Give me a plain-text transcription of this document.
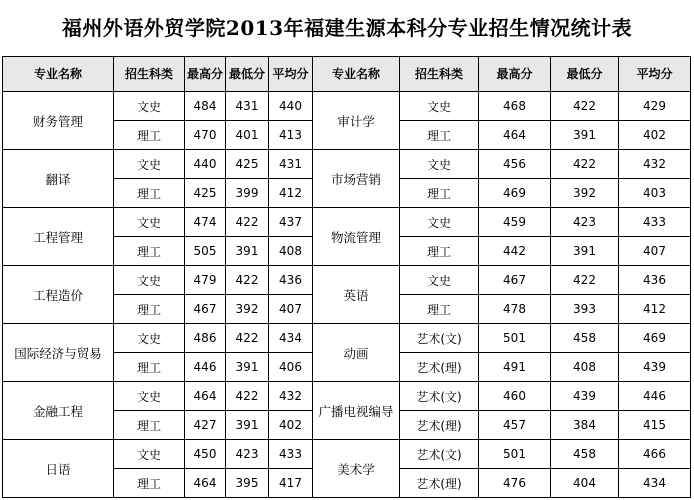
福州外语外贸学院2013年福建生源本科分专业招生情况统计表
专业名称	招生科类	最高分	最低分	平均分	专业名称	招生科类	最高分	最低分	平均分
财务管理	文史	484	431	440	审计学	文史	468	422	429
	理工	470	401	413		理工	464	391	402
翻译	文史	440	425	431	市场营销	文史	456	422	432
	理工	425	399	412		理工	469	392	403
工程管理	文史	474	422	437	物流管理	文史	459	423	433
	理工	505	391	408		理工	442	391	407
工程造价	文史	479	422	436	英语	文史	467	422	436
	理工	467	392	407		理工	478	393	412
国际经济与贸易	文史	486	422	434	动画	艺术(文)	501	458	469
	理工	446	391	406		艺术(理)	491	408	439
金融工程	文史	464	422	432	广播电视编导	艺术(文)	460	439	446
	理工	427	391	402		艺术(理)	457	384	415
日语	文史	450	423	433	美术学	艺术(文)	501	458	466
	理工	464	395	417		艺术(理)	476	404	434
